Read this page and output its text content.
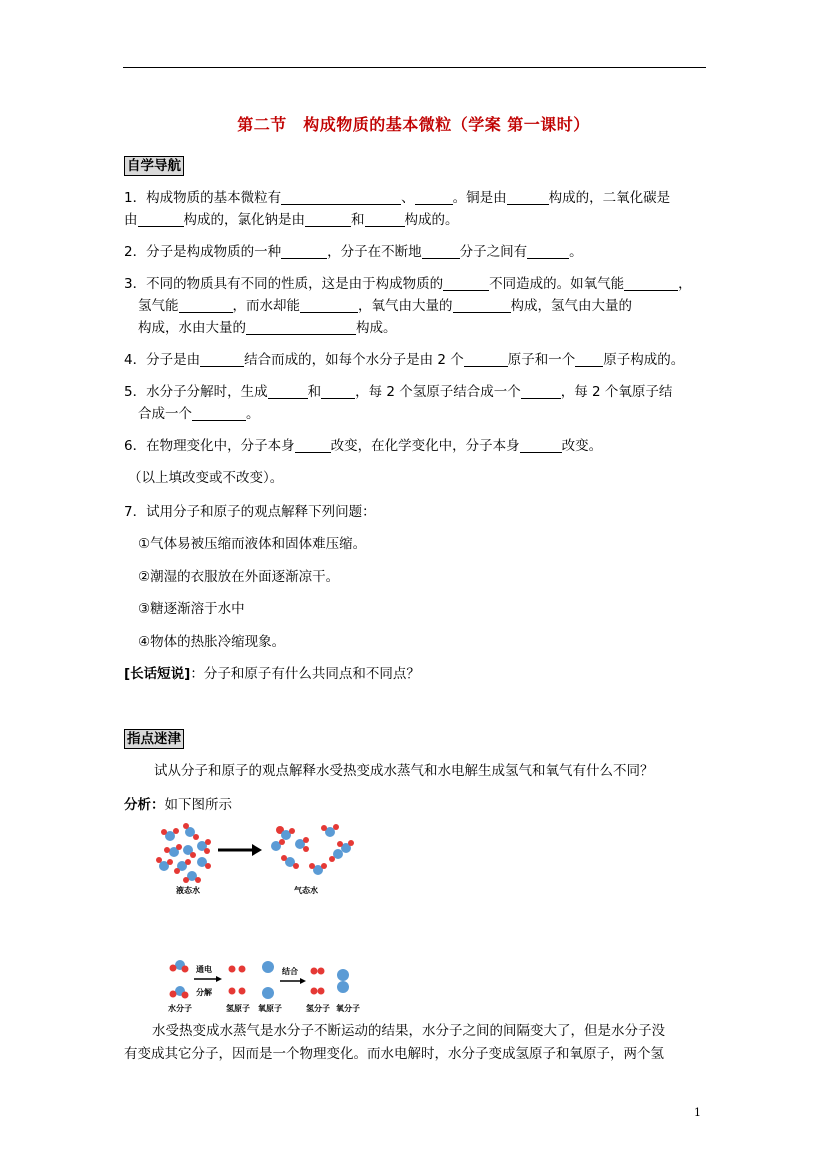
第二节　构成物质的基本微粒（学案 第一课时）
自学导航
1．构成物质的基本微粒有	、	。铜是由	构成的，二氧化碳是
由	构成的，氯化钠是由	和	构成的。
2．分子是构成物质的一种	，分子在不断地	分子之间有	。
3．不同的物质具有不同的性质，这是由于构成物质的	不同造成的。如氧气能	，
氢气能	，而水却能	，氧气由大量的	构成，氢气由大量的
构成，水由大量的	构成。
4．分子是由	结合而成的，如每个水分子是由 2 个	原子和一个 原子构成的。
5．水分子分解时，生成	和	，每 2 个氢原子结合成一个	，每 2 个氧原子结
合成一个	。
6．在物理变化中，分子本身	改变，在化学变化中，分子本身	改变。
（以上填改变或不改变）。
7．试用分子和原子的观点解释下列问题：
①气体易被压缩而液体和固体难压缩。
②潮湿的衣服放在外面逐渐凉干。
③糖逐渐溶于水中
④物体的热胀冷缩现象。
[长话短说]：分子和原子有什么共同点和不同点？
指点迷津
试从分子和原子的观点解释水受热变成水蒸气和水电解生成氢气和氧气有什么不同？
分析：如下图所示
液态水	气态水
通电
分解
结合
水分子	氢原子 氧原子	氢分子 氧分子
水受热变成水蒸气是水分子不断运动的结果，水分子之间的间隔变大了，但是水分子没
有变成其它分子，因而是一个物理变化。而水电解时，水分子变成氢原子和氧原子，两个氢
1
